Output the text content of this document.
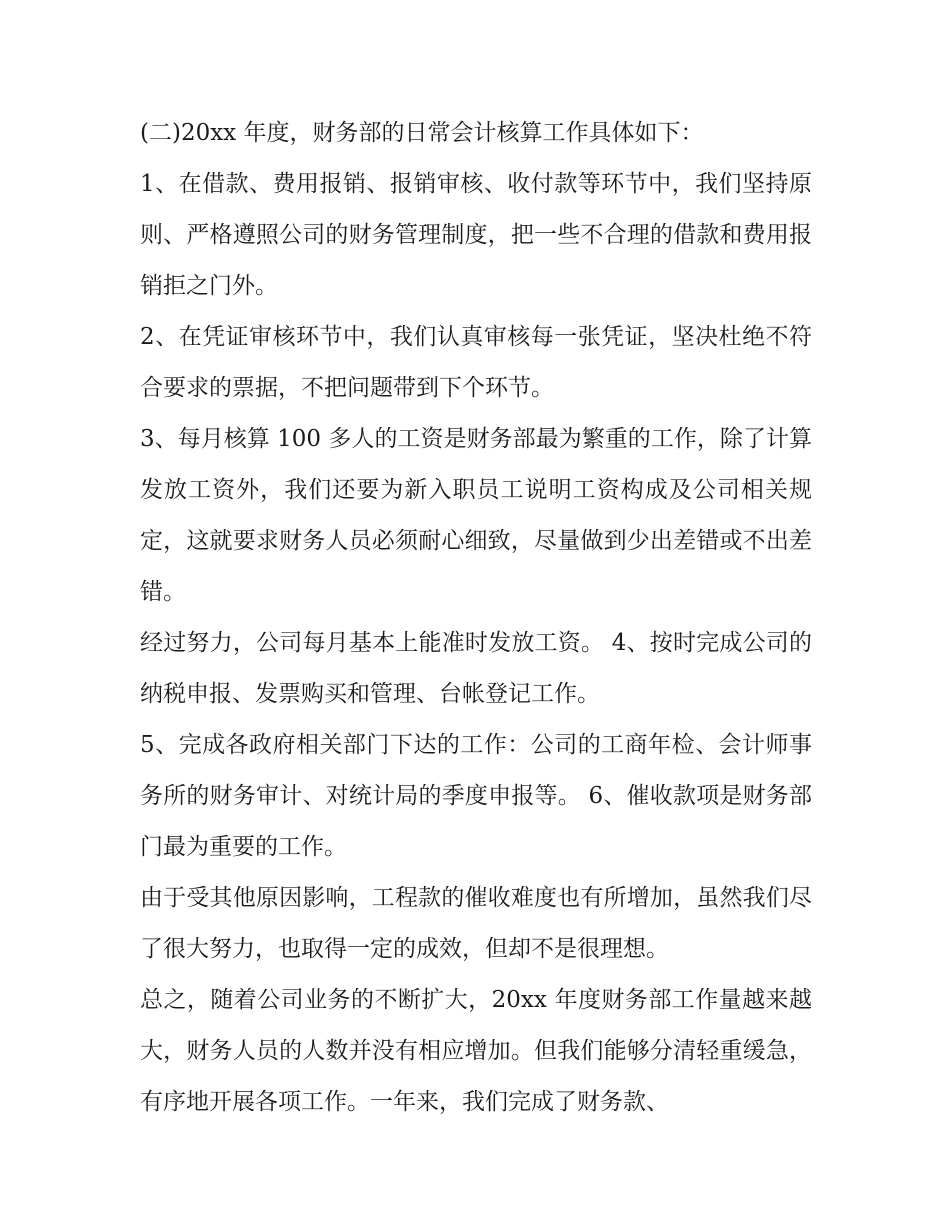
(二)20xx 年度，财务部的日常会计核算工作具体如下：

1、在借款、费用报销、报销审核、收付款等环节中，我们坚持原则、严格遵照公司的财务管理制度，把一些不合理的借款和费用报销拒之门外。

2、在凭证审核环节中，我们认真审核每一张凭证，坚决杜绝不符合要求的票据，不把问题带到下个环节。

3、每月核算 100 多人的工资是财务部最为繁重的工作，除了计算发放工资外，我们还要为新入职员工说明工资构成及公司相关规定，这就要求财务人员必须耐心细致，尽量做到少出差错或不出差错。

经过努力，公司每月基本上能准时发放工资。 4、按时完成公司的纳税申报、发票购买和管理、台帐登记工作。

5、完成各政府相关部门下达的工作：公司的工商年检、会计师事务所的财务审计、对统计局的季度申报等。 6、催收款项是财务部门最为重要的工作。

由于受其他原因影响，工程款的催收难度也有所增加，虽然我们尽了很大努力，也取得一定的成效，但却不是很理想。

总之，随着公司业务的不断扩大，20xx 年度财务部工作量越来越大，财务人员的人数并没有相应增加。但我们能够分清轻重缓急，有序地开展各项工作。一年来，我们完成了财务款、
